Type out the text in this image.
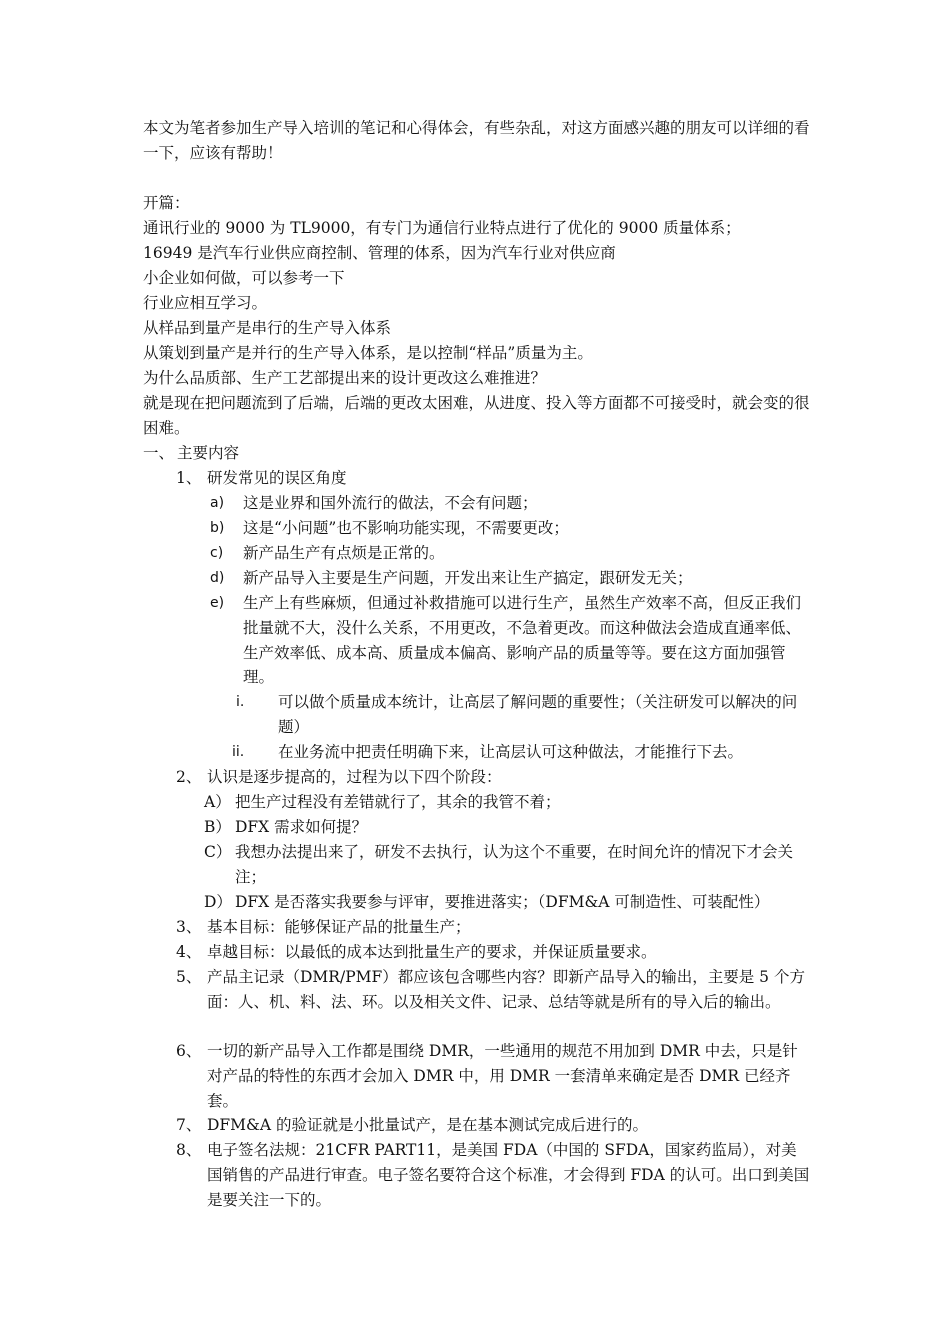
本文为笔者参加生产导入培训的笔记和心得体会，有些杂乱，对这方面感兴趣的朋友可以详细的看一下，应该有帮助！
开篇：
通讯行业的 9000 为 TL9000，有专门为通信行业特点进行了优化的 9000 质量体系；
16949 是汽车行业供应商控制、管理的体系，因为汽车行业对供应商
小企业如何做，可以参考一下
行业应相互学习。
从样品到量产是串行的生产导入体系
从策划到量产是并行的生产导入体系，是以控制“样品”质量为主。
为什么品质部、生产工艺部提出来的设计更改这么难推进？
就是现在把问题流到了后端，后端的更改太困难，从进度、投入等方面都不可接受时，就会变的很困难。
一、 主要内容
1、 研发常见的误区角度
a) 这是业界和国外流行的做法，不会有问题；
b) 这是“小问题”也不影响功能实现，不需要更改；
c) 新产品生产有点烦是正常的。
d) 新产品导入主要是生产问题，开发出来让生产搞定，跟研发无关；
e) 生产上有些麻烦，但通过补救措施可以进行生产，虽然生产效率不高，但反正我们批量就不大，没什么关系，不用更改，不急着更改。而这种做法会造成直通率低、生产效率低、成本高、质量成本偏高、影响产品的质量等等。要在这方面加强管理。
i. 可以做个质量成本统计，让高层了解问题的重要性；（关注研发可以解决的问题）
ii. 在业务流中把责任明确下来，让高层认可这种做法，才能推行下去。
2、 认识是逐步提高的，过程为以下四个阶段：
A） 把生产过程没有差错就行了，其余的我管不着；
B） DFX 需求如何提？
C） 我想办法提出来了，研发不去执行，认为这个不重要，在时间允许的情况下才会关注；
D） DFX 是否落实我要参与评审，要推进落实；（DFM&A 可制造性、可装配性）
3、 基本目标：能够保证产品的批量生产；
4、 卓越目标：以最低的成本达到批量生产的要求，并保证质量要求。
5、 产品主记录（DMR/PMF）都应该包含哪些内容？即新产品导入的输出，主要是 5 个方面：人、机、料、法、环。以及相关文件、记录、总结等就是所有的导入后的输出。
6、 一切的新产品导入工作都是围绕 DMR，一些通用的规范不用加到 DMR 中去，只是针对产品的特性的东西才会加入 DMR 中，用 DMR 一套清单来确定是否 DMR 已经齐套。
7、 DFM&A 的验证就是小批量试产，是在基本测试完成后进行的。
8、 电子签名法规：21CFR PART11，是美国 FDA（中国的 SFDA，国家药监局），对美国销售的产品进行审查。电子签名要符合这个标准，才会得到 FDA 的认可。出口到美国是要关注一下的。
